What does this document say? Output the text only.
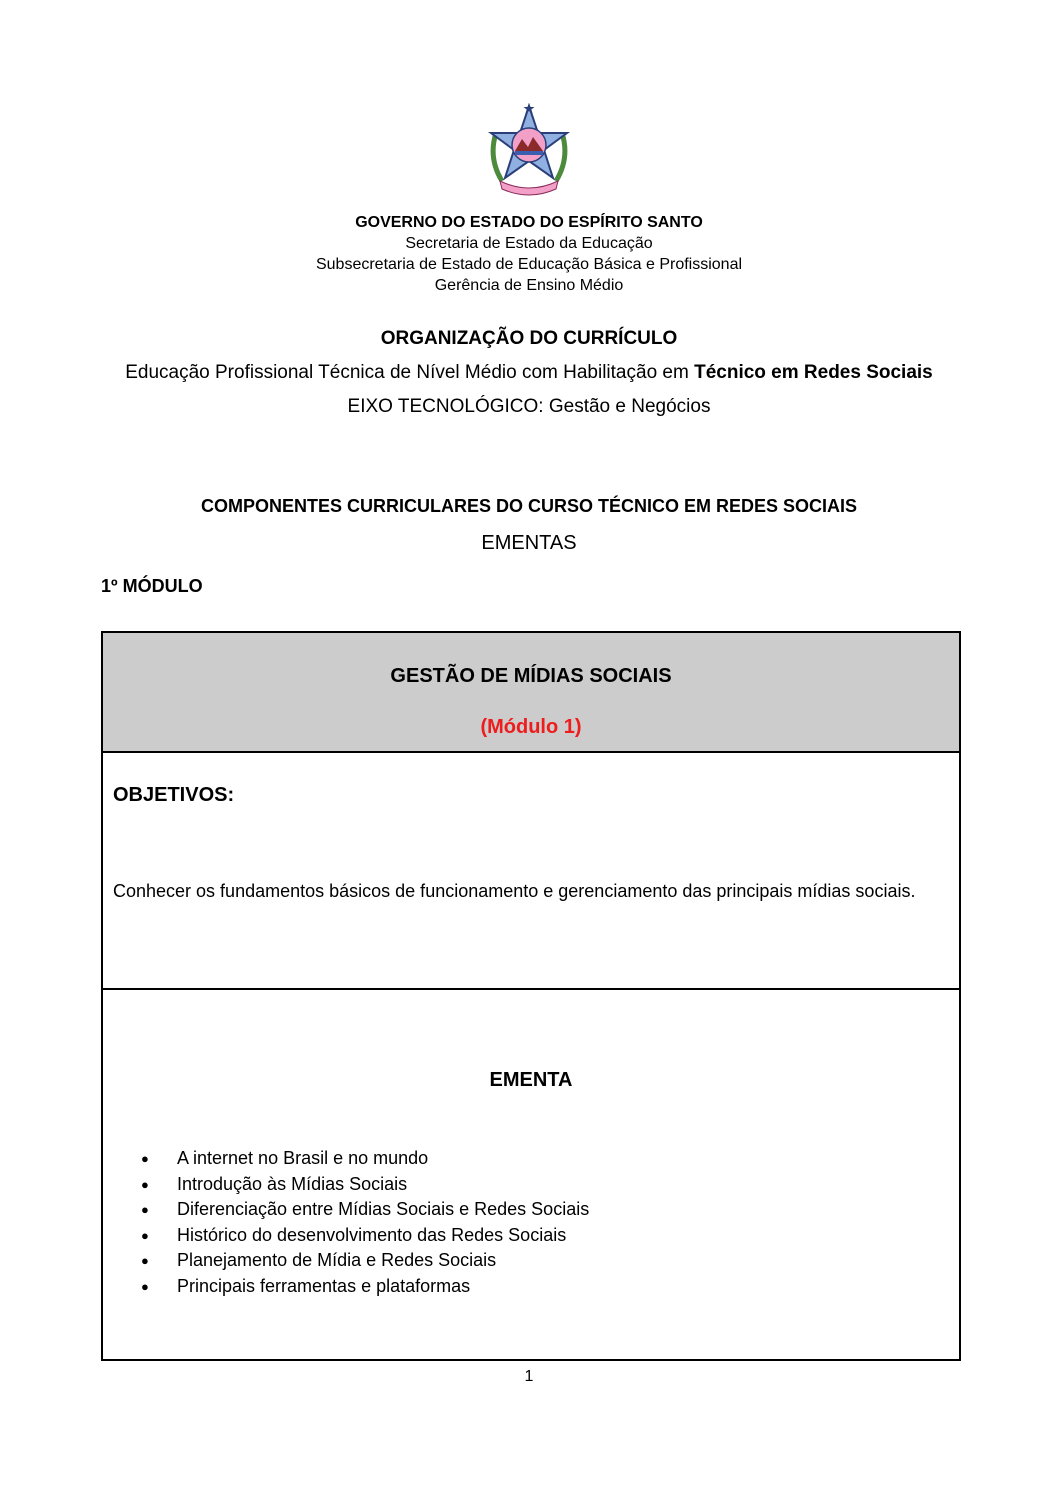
GOVERNO DO ESTADO DO ESPÍRITO SANTO
Secretaria de Estado da Educação
Subsecretaria de Estado de Educação Básica e Profissional
Gerência de Ensino Médio
ORGANIZAÇÃO DO CURRÍCULO
Educação Profissional Técnica de Nível Médio com Habilitação em Técnico em Redes Sociais
EIXO TECNOLÓGICO: Gestão e Negócios
COMPONENTES CURRICULARES DO CURSO TÉCNICO EM REDES SOCIAIS
EMENTAS
1º MÓDULO
GESTÃO DE MÍDIAS SOCIAIS
(Módulo 1)
OBJETIVOS:
Conhecer os fundamentos básicos de funcionamento e gerenciamento das principais mídias sociais.
EMENTA
● A internet no Brasil e no mundo
● Introdução às Mídias Sociais
● Diferenciação entre Mídias Sociais e Redes Sociais
● Histórico do desenvolvimento das Redes Sociais
● Planejamento de Mídia e Redes Sociais
● Principais ferramentas e plataformas
1
